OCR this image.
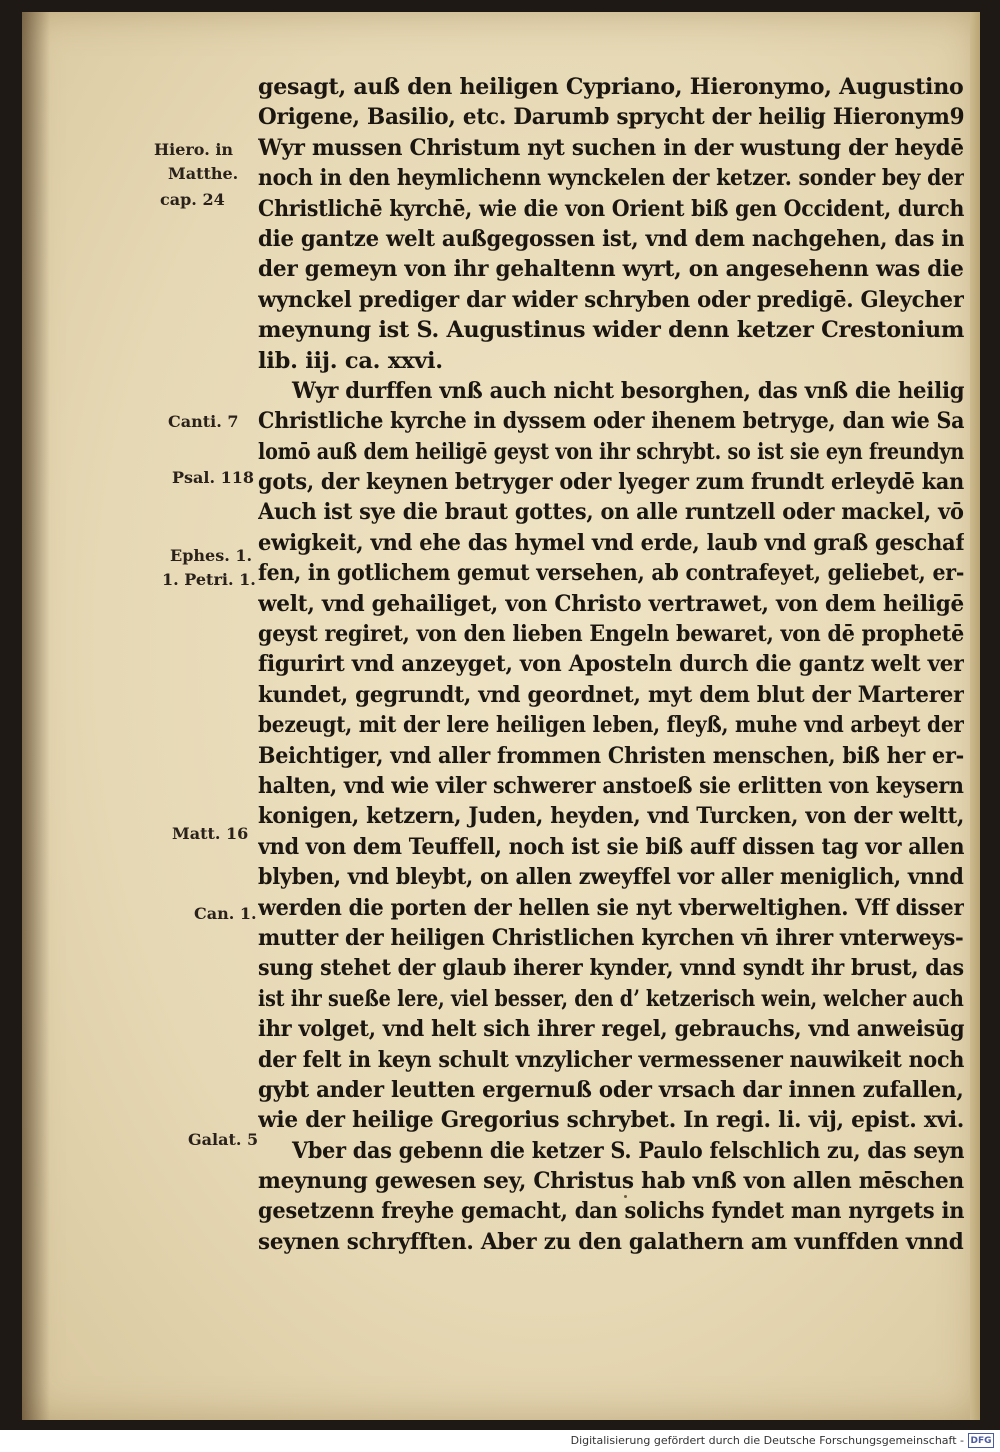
Hiero. in
Matthe.
cap. 24
Canti. 7
Psal. 118
Ephes. 1.
1. Petri. 1.
Matt. 16
Can. 1.
Galat. 5
gesagt, auß den heiligen Cypriano, Hieronymo, Augustino
Origene, Basilio, etc. Darumb sprycht der heilig Hieronym9
Wyr mussen Christum nyt suchen in der wustung der heydē
noch in den heymlichenn wynckelen der ketzer. sonder bey der
Christlichē kyrchē, wie die von Orient biß gen Occident, durch
die gantze welt außgegossen ist, vnd dem nachgehen, das in
der gemeyn von ihr gehaltenn wyrt, on angesehenn was die
wynckel prediger dar wider schryben oder predigē. Gleycher
meynung ist S. Augustinus wider denn ketzer Crestonium
lib. iij. ca. xxvi.
Wyr durffen vnß auch nicht besorghen, das vnß die heilig
Christliche kyrche in dyssem oder ihenem betryge, dan wie Sa
lomō auß dem heiligē geyst von ihr schrybt. so ist sie eyn freundyn
gots, der keynen betryger oder lyeger zum frundt erleydē kan
Auch ist sye die braut gottes, on alle runtzell oder mackel, vō
ewigkeit, vnd ehe das hymel vnd erde, laub vnd graß geschaf
fen, in gotlichem gemut versehen, ab contrafeyet, geliebet, er-
welt, vnd gehailiget, von Christo vertrawet, von dem heiligē
geyst regiret, von den lieben Engeln bewaret, von dē prophetē
figurirt vnd anzeyget, von Aposteln durch die gantz welt ver
kundet, gegrundt, vnd geordnet, myt dem blut der Marterer
bezeugt, mit der lere heiligen leben, fleyß, muhe vnd arbeyt der
Beichtiger, vnd aller frommen Christen menschen, biß her er-
halten, vnd wie viler schwerer anstoeß sie erlitten von keysern
konigen, ketzern, Juden, heyden, vnd Turcken, von der weltt,
vnd von dem Teuffell, noch ist sie biß auff dissen tag vor allen
blyben, vnd bleybt, on allen zweyffel vor aller meniglich, vnnd
werden die porten der hellen sie nyt vberweltighen. Vff disser
mutter der heiligen Christlichen kyrchen vn̄ ihrer vnterweys-
sung stehet der glaub iherer kynder, vnnd syndt ihr brust, das
ist ihr sueße lere, viel besser, den dʼ ketzerisch wein, welcher auch
ihr volget, vnd helt sich ihrer regel, gebrauchs, vnd anweisūg
der felt in keyn schult vnzylicher vermessener nauwikeit noch
gybt ander leutten ergernuß oder vrsach dar innen zufallen,
wie der heilige Gregorius schrybet. In regi. li. vij, epist. xvi.
Vber das gebenn die ketzer S. Paulo felschlich zu, das seyn
meynung gewesen sey, Christus hab vnß von allen mēschen
gesetzenn freyhe gemacht, dan solichs fyndet man nyrgets in
seynen schryfften. Aber zu den galathern am vunffden vnnd
Digitalisierung gefördert durch die Deutsche Forschungsgemeinschaft - DFG
